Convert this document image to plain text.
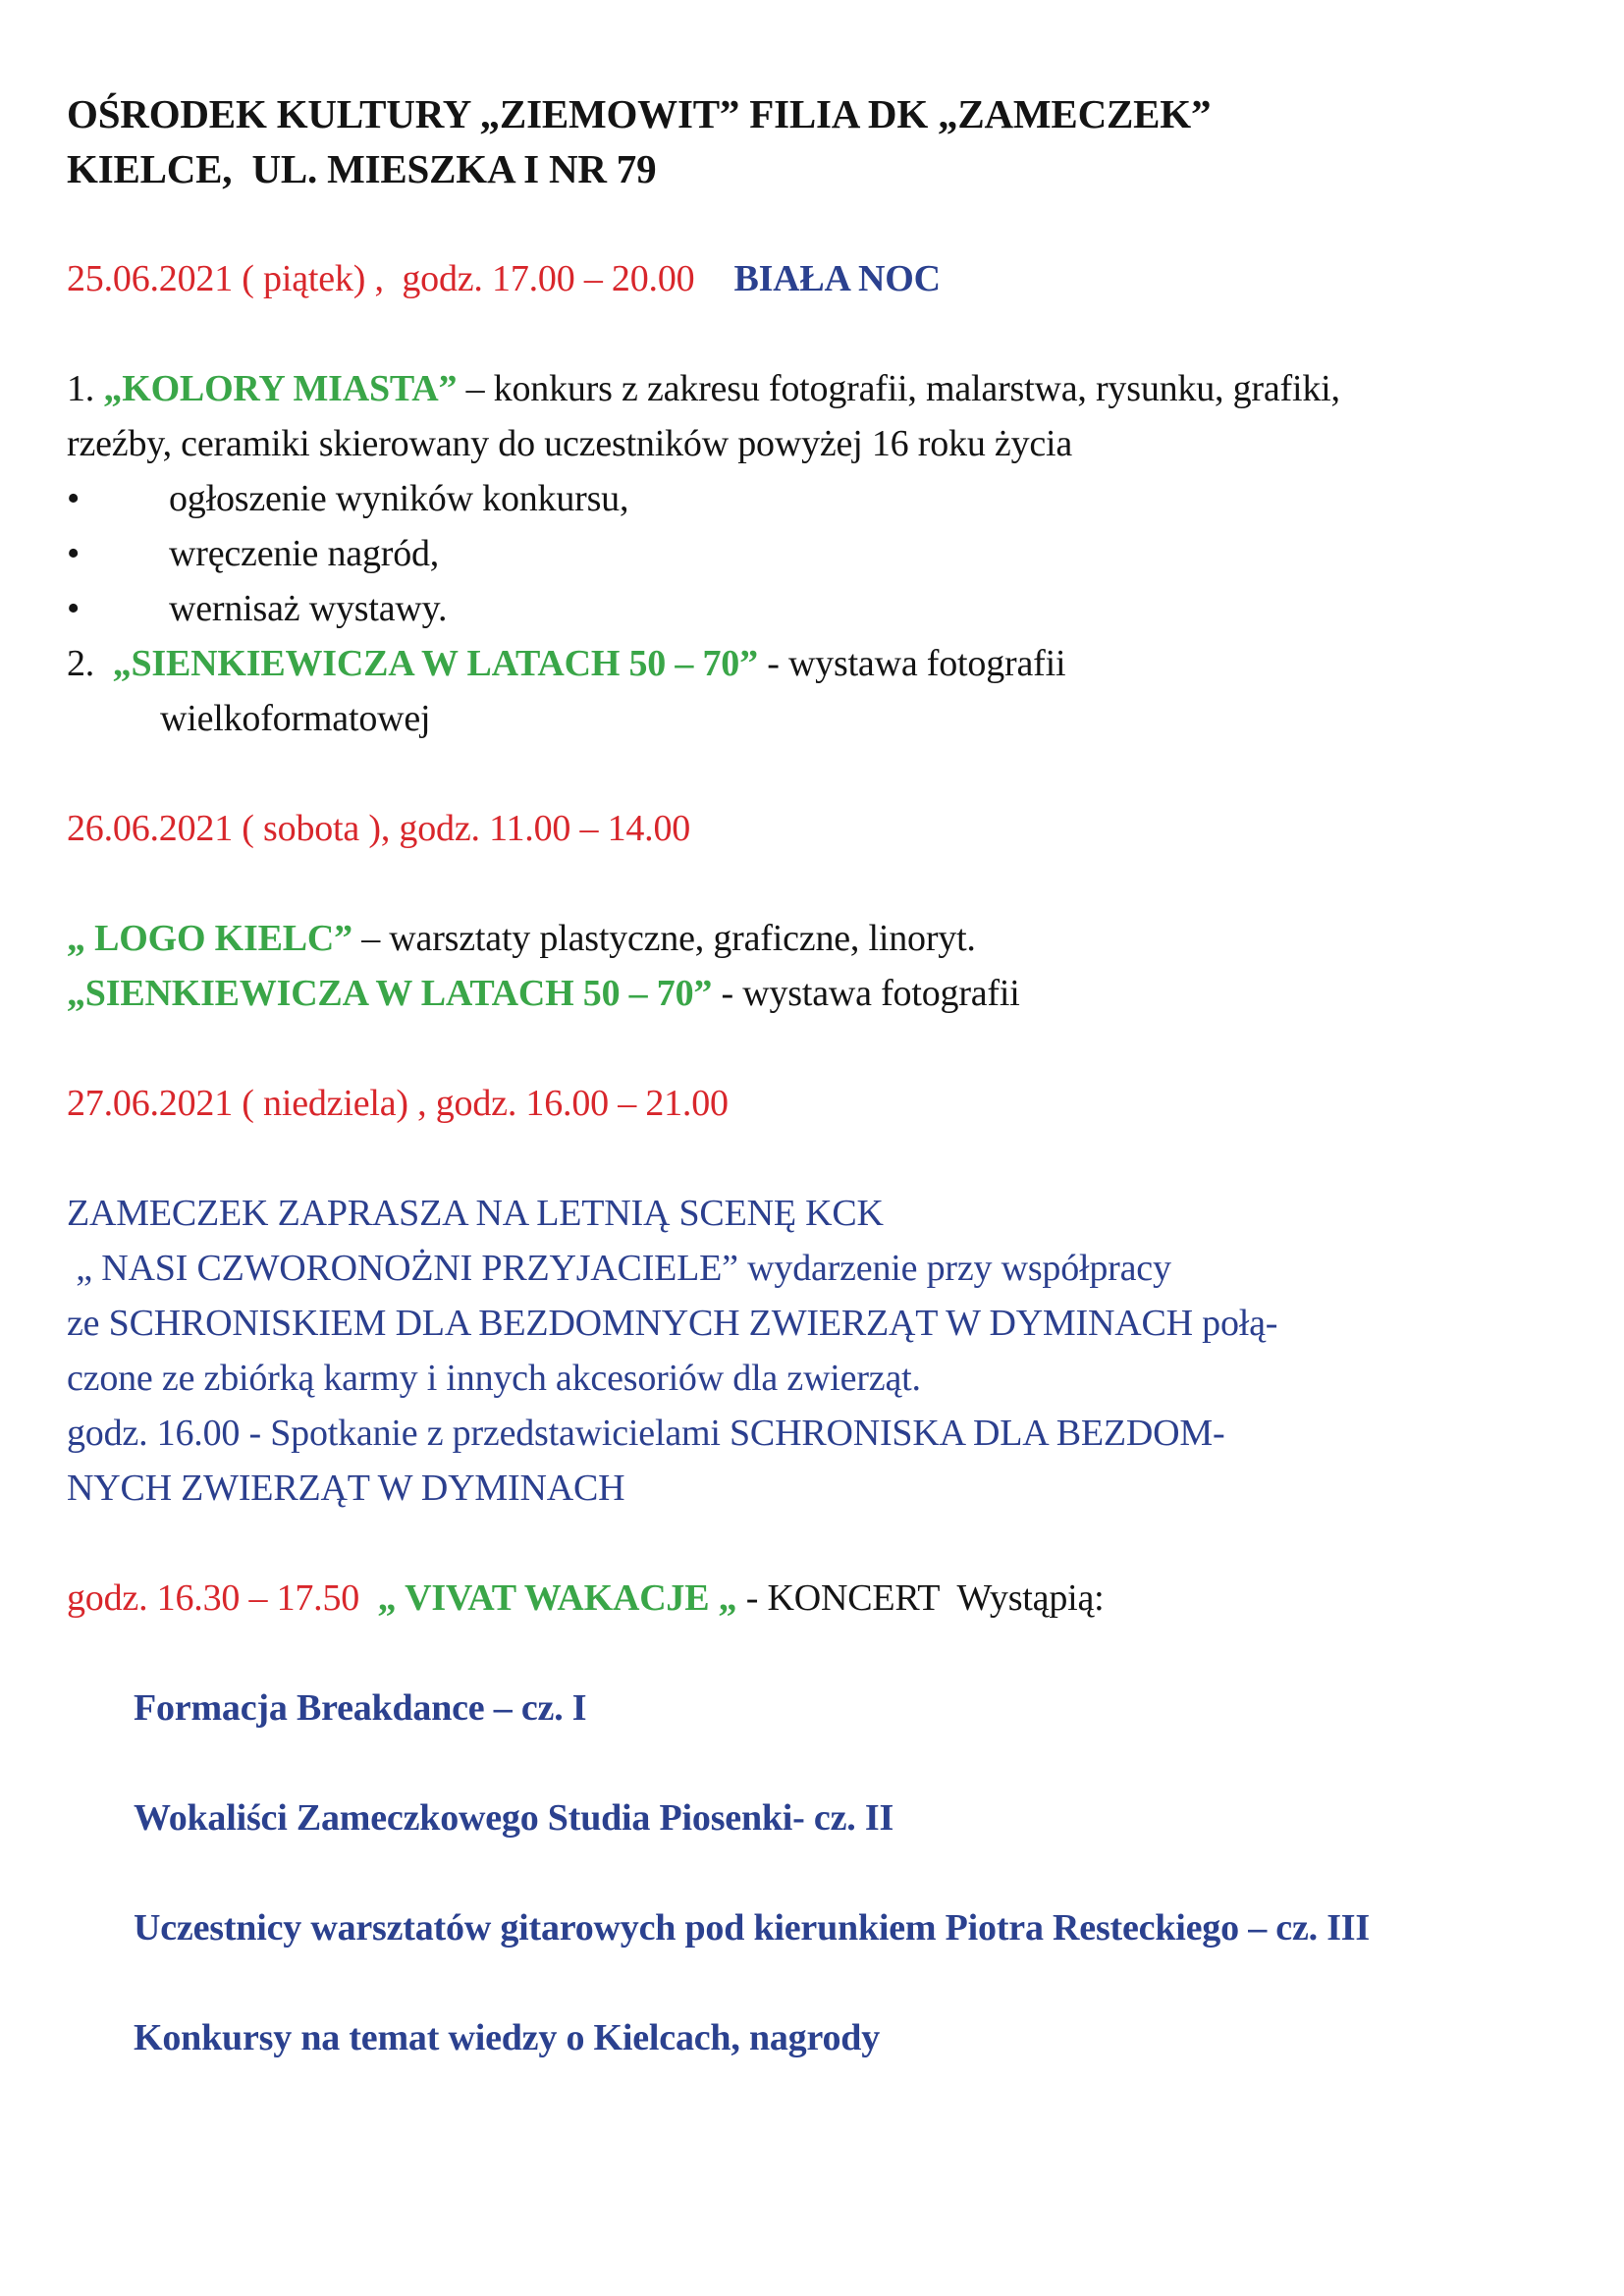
OŚRODEK KULTURY „ZIEMOWIT” FILIA DK „ZAMECZEK”

KIELCE,  UL. MIESZKA I NR 79

25.06.2021 ( piątek) ,  godz. 17.00 – 20.00 BIAŁA NOC

1. „KOLORY MIASTA” – konkurs z zakresu fotografii, malarstwa, rysunku, grafiki,

rzeźby, ceramiki skierowany do uczestników powyżej 16 roku życia

• ogłoszenie wyników konkursu,

• wręczenie nagród,

• wernisaż wystawy.

2.  „SIENKIEWICZA W LATACH 50 – 70” - wystawa fotografii

wielkoformatowej

26.06.2021 ( sobota ), godz. 11.00 – 14.00

„ LOGO KIELC” – warsztaty plastyczne, graficzne, linoryt.

„SIENKIEWICZA W LATACH 50 – 70” - wystawa fotografii

27.06.2021 ( niedziela) , godz. 16.00 – 21.00

ZAMECZEK ZAPRASZA NA LETNIĄ SCENĘ KCK

„ NASI CZWORONOŻNI PRZYJACIELE” wydarzenie przy współpracy

ze SCHRONISKIEM DLA BEZDOMNYCH ZWIERZĄT W DYMINACH połą-

czone ze zbiórką karmy i innych akcesoriów dla zwierząt.

godz. 16.00 - Spotkanie z przedstawicielami SCHRONISKA DLA BEZDOM-

NYCH ZWIERZĄT W DYMINACH

godz. 16.30 – 17.50  „ VIVAT WAKACJE „ - KONCERT  Wystąpią:

Formacja Breakdance – cz. I

Wokaliści Zameczkowego Studia Piosenki- cz. II

Uczestnicy warsztatów gitarowych pod kierunkiem Piotra Resteckiego – cz. III

Konkursy na temat wiedzy o Kielcach, nagrody
